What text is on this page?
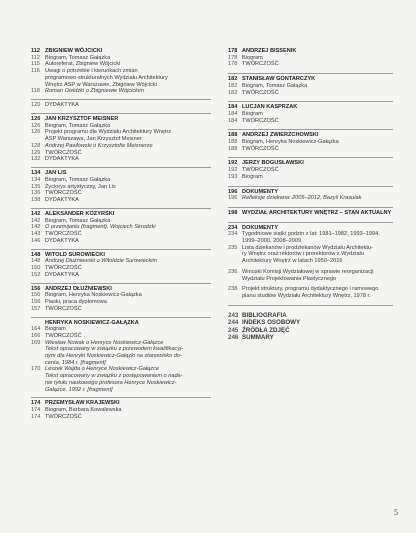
112 ZBIGNIEW WÓJCICKI
112 Biogram, Tomasz Gałązka
115 Autoreferat, Zbigniew Wójcicki
116 Uwagi o potrzebie i kierunkach zmian
programowo-strukturalnych Wydziału Architektury
Wnętrz ASP w Warszawie, Zbigniew Wójcicki
118 Roman Owidzki o Zbigniewie Wójcickim
120 DYDAKTYKA
126 JAN KRZYSZTOF MEISNER
126 Biogram, Tomasz Gałązka
126 Projekt programu dla Wydziału Architektury Wnętrz
ASP Warszawa, Jan Krzysztof Meisner
128 Andrzej Pawłowski o Krzysztofie Meisnerze
129 TWÓRCZOŚĆ
132 DYDAKTYKA
134 JAN LIS
134 Biogram, Tomasz Gałązka
135 Życiorys artystyczny, Jan Lis
136 TWÓRCZOŚĆ
138 DYDAKTYKA
142 ALEKSANDER KOZYRSKI
142 Biogram, Tomasz Gałązka
142 O przemijaniu (fragment), Wojciech Skrodzki
143 TWÓRCZOŚĆ
146 DYDAKTYKA
148 WITOLD SUROWIECKI
148 Andrzej Dłużniewski o Witoldzie Surowieckim
150 TWÓRCZOŚĆ
152 DYDAKTYKA
156 ANDRZEJ DŁUŻNIEWSKI
156 Biogram, Henryka Noskiewicz-Gałązka
156 Piaski, praca dyplomowa
157 TWÓRCZOŚĆ
HENRYKA NOSKIEWICZ-GAŁĄZKA
164 Biogram
166 TWÓRCZOŚĆ
169 Wiesław Nowak o Henryce Noskiewicz-Gałązce
Tekst opracowany w związku z przewodem kwalifikacyj-
nym dla Henryki Noskiewicz-Gałązki na stanowisko do-
centa, 1984 r. [fragment]
170 Leszek Wajda o Henryce Noskiewicz-Gałązce
Tekst opracowany w związku z postępowaniem o nada-
nie tytułu naukowego profesora Henryce Noskiewicz-
Gałązce, 1992 r. [fragment]
174 PRZEMYSŁAW KRAJEWSKI
174 Biogram, Barbara Kowalewska
174 TWÓRCZOŚĆ
178 ANDRZEJ BISSENIK
178 Biogram
178 TWÓRCZOŚĆ
182 STANISŁAW GONTARCZYK
182 Biogram, Tomasz Gałązka
182 TWÓRCZOŚĆ
184 LUCJAN KASPRZAK
184 Biogram
184 TWÓRCZOŚĆ
188 ANDRZEJ ZWIERZCHOWSKI
188 Biogram, Henryka Noskiewicz-Gałązka
188 TWÓRCZOŚĆ
192 JERZY BOGUSŁAWSKI
192 TWÓRCZOŚĆ
193 Biogram
196 DOKUMENTY
196 Refleksje dziekana: 2005–2012, Bazyli Krasulak
198 WYDZIAŁ ARCHITEKTURY WNĘTRZ – STAN AKTUALNY
234 DOKUMENTY
234 Tygodniowe siatki godzin z lat: 1981–1982, 1993–1994,
1999–2000, 2008–2009
235 Lista dziekanów i prodziekanów Wydziału Architektu-
ry Wnętrz oraz rektorów i prorektorów z Wydziału
Architektury Wnętrz w latach 1950–2016
236 Wnioski Komisji Wydziałowej w sprawie reorganizacji
Wydziału Projektowania Plastycznego
238 Projekt struktury, programu dydaktycznego i ramowego
planu studiów Wydziału Architektury Wnętrz, 1978 r.
243 BIBLIOGRAFIA
244 INDEKS OSOBOWY
245 ŹRÓDŁA ZDJĘĆ
246 SUMMARY
5
